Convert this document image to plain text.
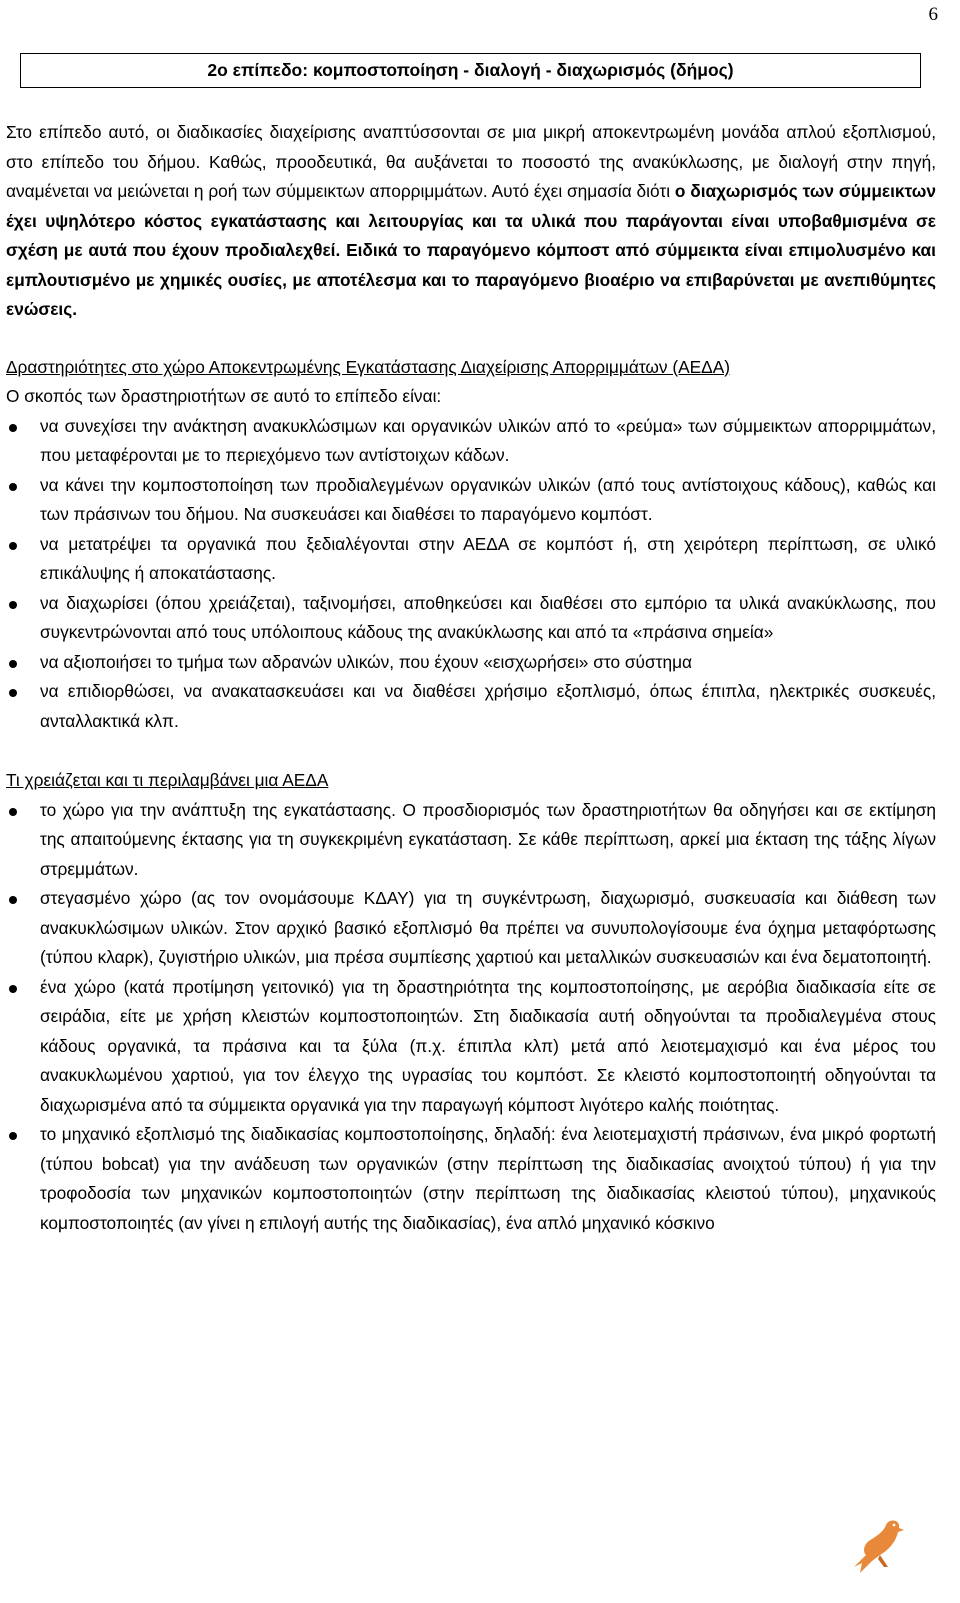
6
2ο επίπεδο: κομποστοποίηση - διαλογή - διαχωρισμός (δήμος)

Στο επίπεδο αυτό, οι διαδικασίες διαχείρισης αναπτύσσονται σε μια μικρή αποκεντρωμένη μονάδα απλού εξοπλισμού, στο επίπεδο του δήμου. Καθώς, προοδευτικά, θα αυξάνεται το ποσοστό της ανακύκλωσης, με διαλογή στην πηγή, αναμένεται να μειώνεται η ροή των σύμμεικτων απορριμμάτων. Αυτό έχει σημασία διότι ο διαχωρισμός των σύμμεικτων έχει υψηλότερο κόστος εγκατάστασης και λειτουργίας και τα υλικά που παράγονται είναι υποβαθμισμένα σε σχέση με αυτά που έχουν προδιαλεχθεί. Ειδικά το παραγόμενο κόμποστ από σύμμεικτα είναι επιμολυσμένο και εμπλουτισμένο με χημικές ουσίες, με αποτέλεσμα και το παραγόμενο βιοαέριο να επιβαρύνεται με ανεπιθύμητες ενώσεις.

Δραστηριότητες στο χώρο Αποκεντρωμένης Εγκατάστασης Διαχείρισης Απορριμμάτων (ΑΕΔΑ)
Ο σκοπός των δραστηριοτήτων σε αυτό το επίπεδο είναι:
να συνεχίσει την ανάκτηση ανακυκλώσιμων και οργανικών υλικών από το «ρεύμα» των σύμμεικτων απορριμμάτων, που μεταφέρονται με το περιεχόμενο των αντίστοιχων κάδων.
να κάνει την κομποστοποίηση των προδιαλεγμένων οργανικών υλικών (από τους αντίστοιχους κάδους), καθώς και των πράσινων του δήμου. Να συσκευάσει και διαθέσει το παραγόμενο κομπόστ.
να μετατρέψει τα οργανικά που ξεδιαλέγονται στην ΑΕΔΑ σε κομπόστ ή, στη χειρότερη περίπτωση, σε υλικό επικάλυψης ή αποκατάστασης.
να διαχωρίσει (όπου χρειάζεται), ταξινομήσει, αποθηκεύσει και διαθέσει στο εμπόριο τα υλικά ανακύκλωσης, που συγκεντρώνονται από τους υπόλοιπους κάδους της ανακύκλωσης και από τα «πράσινα σημεία»
να αξιοποιήσει το τμήμα των αδρανών υλικών, που έχουν «εισχωρήσει» στο σύστημα
να επιδιορθώσει, να ανακατασκευάσει και να διαθέσει χρήσιμο εξοπλισμό, όπως έπιπλα, ηλεκτρικές συσκευές, ανταλλακτικά κλπ.
Τι χρειάζεται και τι περιλαμβάνει μια ΑΕΔΑ
το χώρο για την ανάπτυξη της εγκατάστασης. Ο προσδιορισμός των δραστηριοτήτων θα οδηγήσει και σε εκτίμηση της απαιτούμενης έκτασης για τη συγκεκριμένη εγκατάσταση. Σε κάθε περίπτωση, αρκεί μια έκταση της τάξης λίγων στρεμμάτων.
στεγασμένο χώρο (ας τον ονομάσουμε ΚΔΑΥ) για τη συγκέντρωση, διαχωρισμό, συσκευασία και διάθεση των ανακυκλώσιμων υλικών. Στον αρχικό βασικό εξοπλισμό θα πρέπει να συνυπολογίσουμε ένα όχημα μεταφόρτωσης (τύπου κλαρκ), ζυγιστήριο υλικών, μια πρέσα συμπίεσης χαρτιού και μεταλλικών συσκευασιών και ένα δεματοποιητή.
ένα χώρο (κατά προτίμηση γειτονικό) για τη δραστηριότητα της κομποστοποίησης, με αερόβια διαδικασία είτε σε σειράδια, είτε με χρήση κλειστών κομποστοποιητών. Στη διαδικασία αυτή οδηγούνται τα προδιαλεγμένα στους κάδους οργανικά, τα πράσινα και τα ξύλα (π.χ. έπιπλα κλπ) μετά από λειοτεμαχισμό και ένα μέρος του ανακυκλωμένου χαρτιού, για τον έλεγχο της υγρασίας του κομπόστ. Σε κλειστό κομποστοποιητή οδηγούνται τα διαχωρισμένα από τα σύμμεικτα οργανικά για την παραγωγή κόμποστ λιγότερο καλής ποιότητας.
το μηχανικό εξοπλισμό της διαδικασίας κομποστοποίησης, δηλαδή: ένα λειοτεμαχιστή πράσινων, ένα μικρό φορτωτή (τύπου bobcat) για την ανάδευση των οργανικών (στην περίπτωση της διαδικασίας ανοιχτού τύπου) ή για την τροφοδοσία των μηχανικών κομποστοποιητών (στην περίπτωση της διαδικασίας κλειστού τύπου), μηχανικούς κομποστοποιητές (αν γίνει η επιλογή αυτής της διαδικασίας), ένα απλό μηχανικό κόσκινο
